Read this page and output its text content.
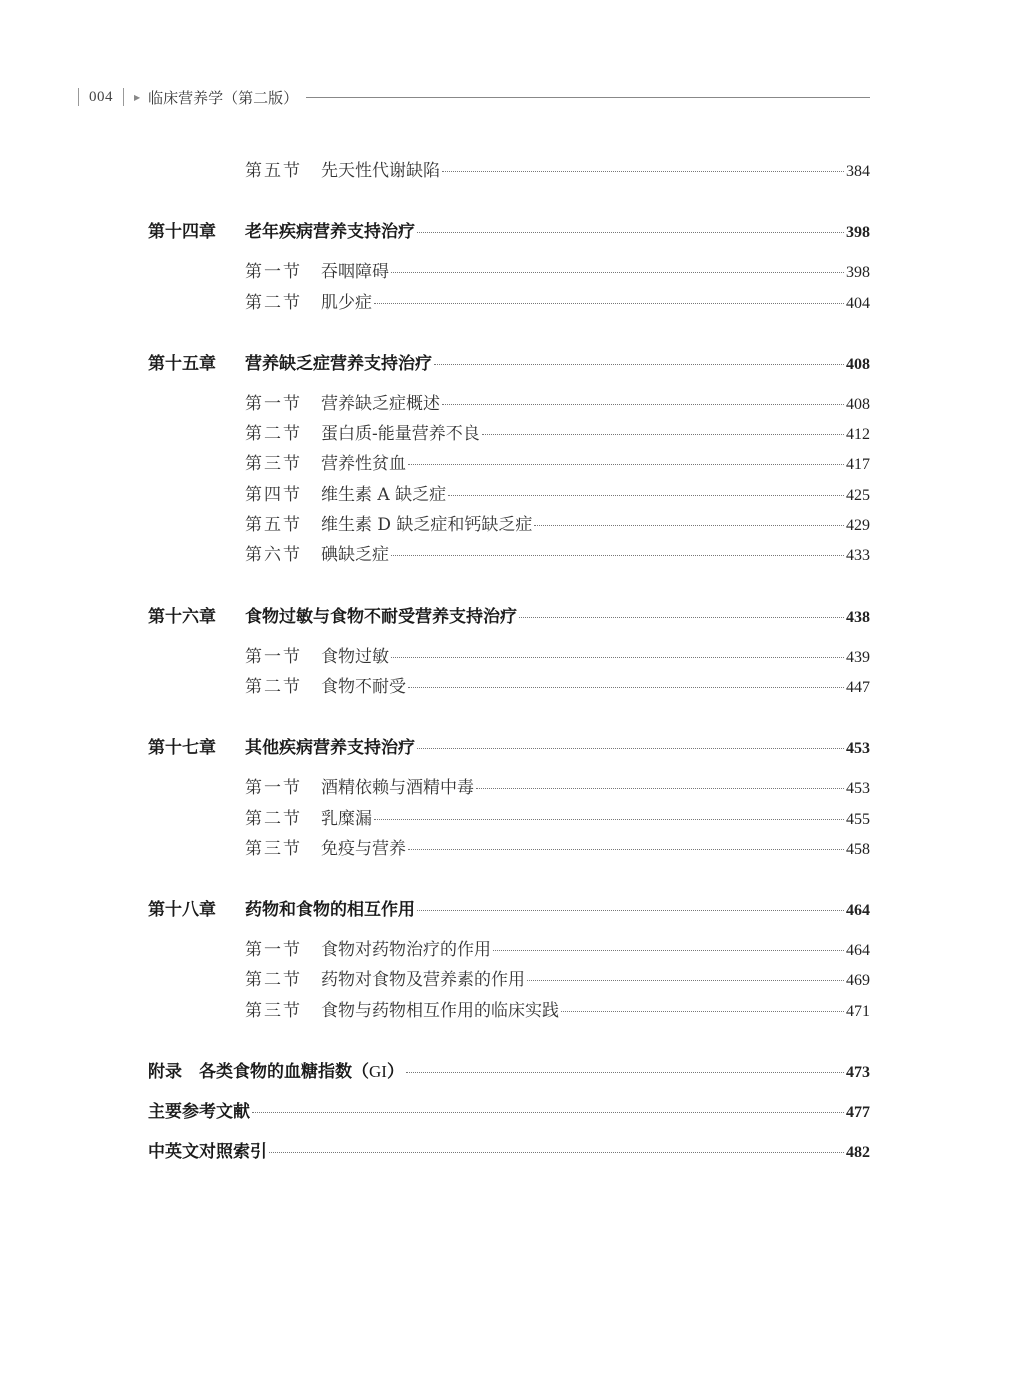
004	▶ 临床营养学（第二版）
第五节 先天性代谢缺陷	384
第十四章 老年疾病营养支持治疗	398
第一节 吞咽障碍	398
第二节 肌少症	404
第十五章 营养缺乏症营养支持治疗	408
第一节 营养缺乏症概述	408
第二节 蛋白质-能量营养不良	412
第三节 营养性贫血	417
第四节 维生素 A 缺乏症	425
第五节 维生素 D 缺乏症和钙缺乏症	429
第六节 碘缺乏症	433
第十六章 食物过敏与食物不耐受营养支持治疗	438
第一节 食物过敏	439
第二节 食物不耐受	447
第十七章 其他疾病营养支持治疗	453
第一节 酒精依赖与酒精中毒	453
第二节 乳糜漏	455
第三节 免疫与营养	458
第十八章 药物和食物的相互作用	464
第一节 食物对药物治疗的作用	464
第二节 药物对食物及营养素的作用	469
第三节 食物与药物相互作用的临床实践	471
附录　各类食物的血糖指数（GI）	473
主要参考文献	477
中英文对照索引	482
